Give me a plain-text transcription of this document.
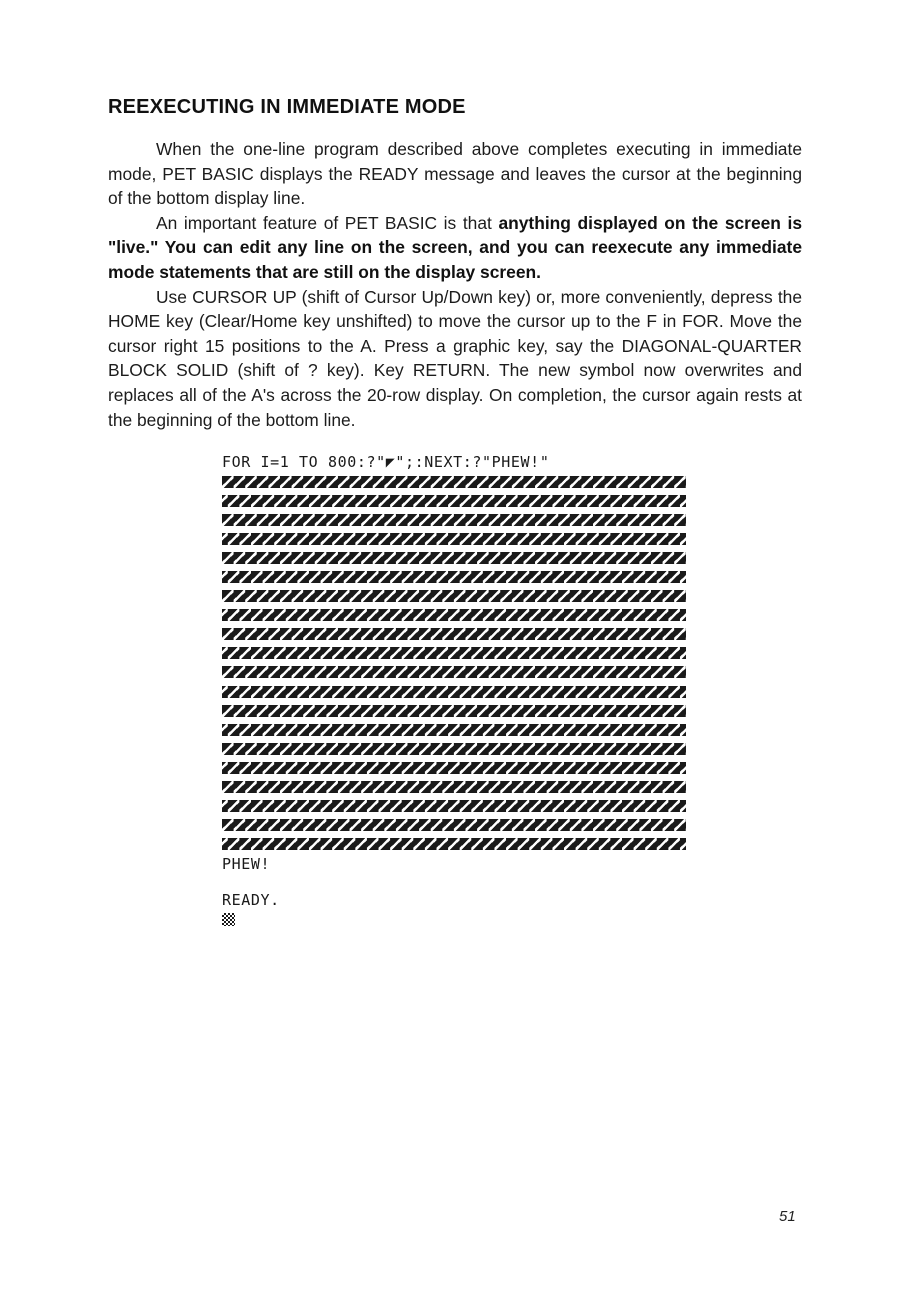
REEXECUTING IN IMMEDIATE MODE

When the one-line program described above completes executing in immediate mode, PET BASIC displays the READY message and leaves the cursor at the beginning of the bottom display line.

An important feature of PET BASIC is that anything displayed on the screen is "live." You can edit any line on the screen, and you can reexecute any immediate mode statements that are still on the display screen.

Use CURSOR UP (shift of Cursor Up/Down key) or, more conveniently, depress the HOME key (Clear/Home key unshifted) to move the cursor up to the F in FOR. Move the cursor right 15 positions to the A. Press a graphic key, say the DIAGONAL-QUARTER BLOCK SOLID (shift of ? key). Key RETURN. The new symbol now overwrites and replaces all of the A's across the 20-row display. On completion, the cursor again rests at the beginning of the bottom line.

FOR I=1 TO 800:?"◤";:NEXT:?"PHEW!"
PHEW!
READY.
51
